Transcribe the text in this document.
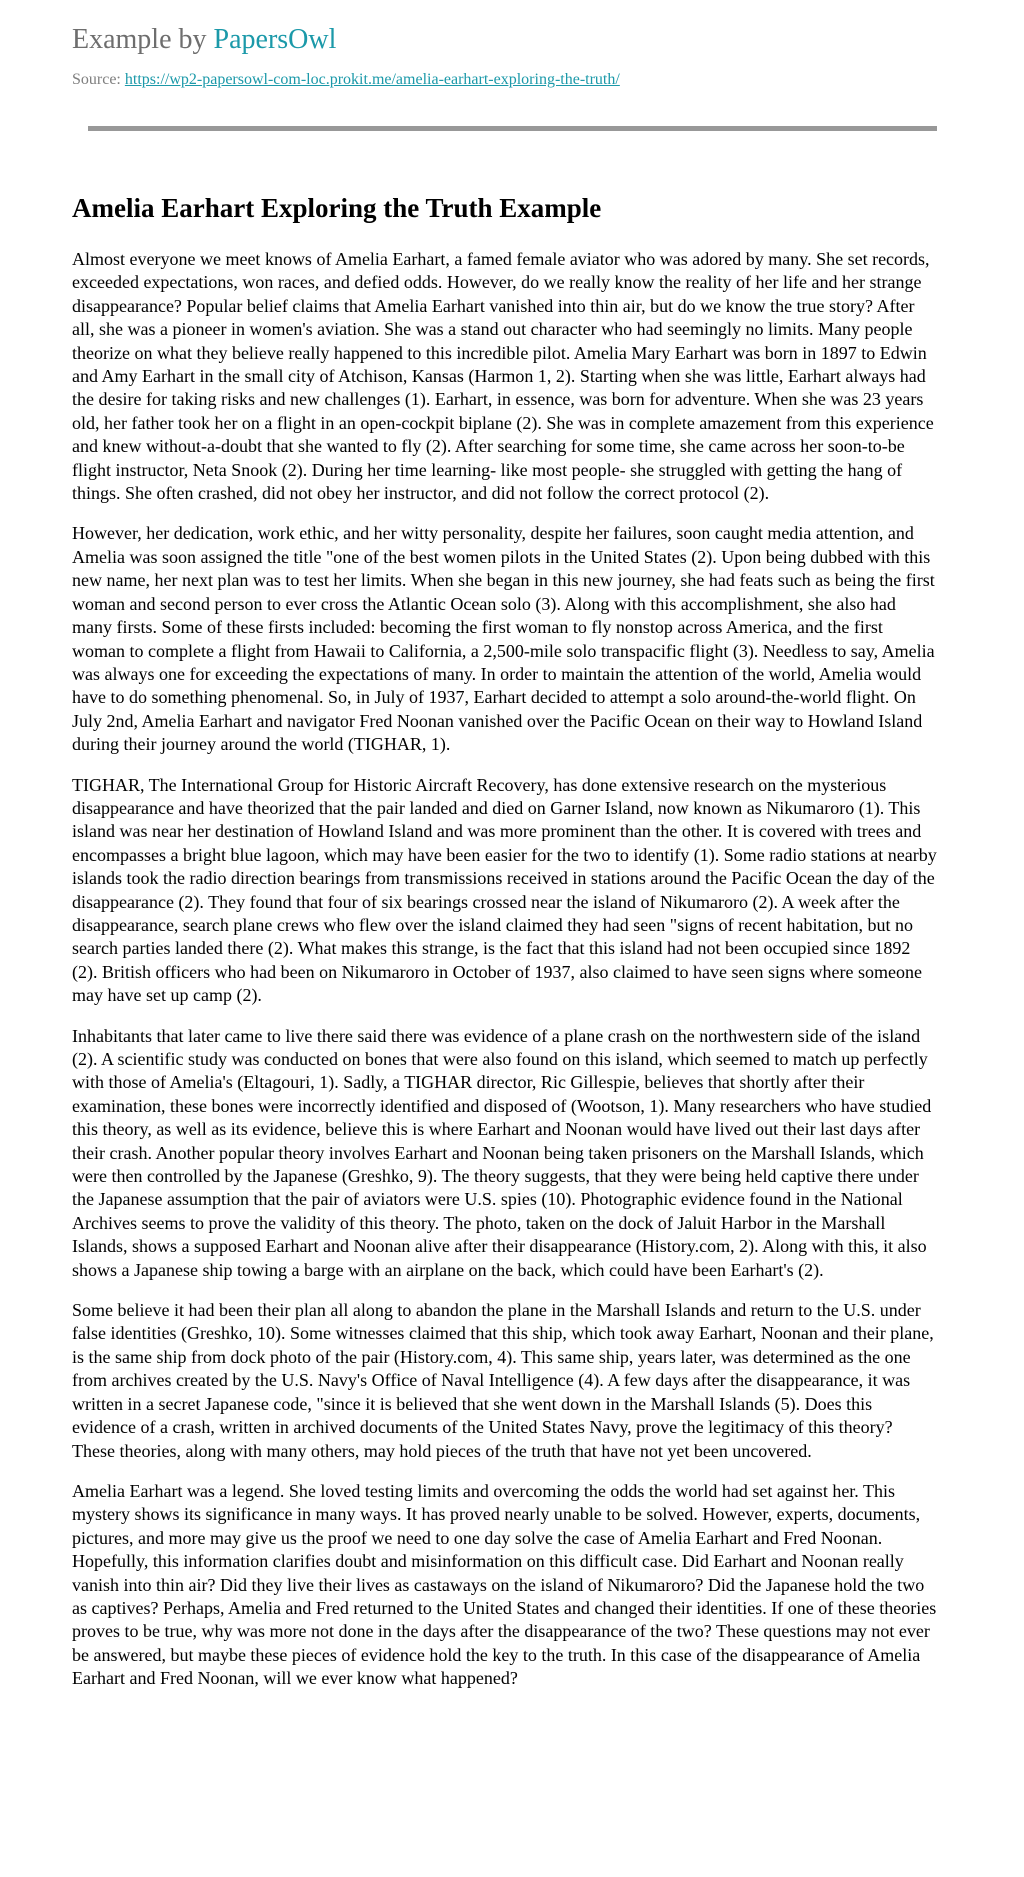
Example by PapersOwl
Source: https://wp2-papersowl-com-loc.prokit.me/amelia-earhart-exploring-the-truth/
Amelia Earhart Exploring the Truth Example

Almost everyone we meet knows of Amelia Earhart, a famed female aviator who was adored by many. She set records, exceeded expectations, won races, and defied odds. However, do we really know the reality of her life and her strange disappearance? Popular belief claims that Amelia Earhart vanished into thin air, but do we know the true story? After all, she was a pioneer in women's aviation. She was a stand out character who had seemingly no limits. Many people theorize on what they believe really happened to this incredible pilot. Amelia Mary Earhart was born in 1897 to Edwin and Amy Earhart in the small city of Atchison, Kansas (Harmon 1, 2). Starting when she was little, Earhart always had the desire for taking risks and new challenges (1). Earhart, in essence, was born for adventure. When she was 23 years old, her father took her on a flight in an open-cockpit biplane (2). She was in complete amazement from this experience and knew without-a-doubt that she wanted to fly (2). After searching for some time, she came across her soon-to-be flight instructor, Neta Snook (2). During her time learning- like most people- she struggled with getting the hang of things. She often crashed, did not obey her instructor, and did not follow the correct protocol (2).

However, her dedication, work ethic, and her witty personality, despite her failures, soon caught media attention, and Amelia was soon assigned the title "one of the best women pilots in the United States (2). Upon being dubbed with this new name, her next plan was to test her limits. When she began in this new journey, she had feats such as being the first woman and second person to ever cross the Atlantic Ocean solo (3). Along with this accomplishment, she also had many firsts. Some of these firsts included: becoming the first woman to fly nonstop across America, and the first woman to complete a flight from Hawaii to California, a 2,500-mile solo transpacific flight (3). Needless to say, Amelia was always one for exceeding the expectations of many. In order to maintain the attention of the world, Amelia would have to do something phenomenal. So, in July of 1937, Earhart decided to attempt a solo around-the-world flight. On July 2nd, Amelia Earhart and navigator Fred Noonan vanished over the Pacific Ocean on their way to Howland Island during their journey around the world (TIGHAR, 1).

TIGHAR, The International Group for Historic Aircraft Recovery, has done extensive research on the mysterious disappearance and have theorized that the pair landed and died on Garner Island, now known as Nikumaroro (1). This island was near her destination of Howland Island and was more prominent than the other. It is covered with trees and encompasses a bright blue lagoon, which may have been easier for the two to identify (1). Some radio stations at nearby islands took the radio direction bearings from transmissions received in stations around the Pacific Ocean the day of the disappearance (2). They found that four of six bearings crossed near the island of Nikumaroro (2). A week after the disappearance, search plane crews who flew over the island claimed they had seen "signs of recent habitation, but no search parties landed there (2). What makes this strange, is the fact that this island had not been occupied since 1892 (2). British officers who had been on Nikumaroro in October of 1937, also claimed to have seen signs where someone may have set up camp (2).

Inhabitants that later came to live there said there was evidence of a plane crash on the northwestern side of the island (2). A scientific study was conducted on bones that were also found on this island, which seemed to match up perfectly with those of Amelia's (Eltagouri, 1). Sadly, a TIGHAR director, Ric Gillespie, believes that shortly after their examination, these bones were incorrectly identified and disposed of (Wootson, 1). Many researchers who have studied this theory, as well as its evidence, believe this is where Earhart and Noonan would have lived out their last days after their crash. Another popular theory involves Earhart and Noonan being taken prisoners on the Marshall Islands, which were then controlled by the Japanese (Greshko, 9). The theory suggests, that they were being held captive there under the Japanese assumption that the pair of aviators were U.S. spies (10). Photographic evidence found in the National Archives seems to prove the validity of this theory. The photo, taken on the dock of Jaluit Harbor in the Marshall Islands, shows a supposed Earhart and Noonan alive after their disappearance (History.com, 2). Along with this, it also shows a Japanese ship towing a barge with an airplane on the back, which could have been Earhart's (2).

Some believe it had been their plan all along to abandon the plane in the Marshall Islands and return to the U.S. under false identities (Greshko, 10). Some witnesses claimed that this ship, which took away Earhart, Noonan and their plane, is the same ship from dock photo of the pair (History.com, 4). This same ship, years later, was determined as the one from archives created by the U.S. Navy's Office of Naval Intelligence (4). A few days after the disappearance, it was written in a secret Japanese code, "since it is believed that she went down in the Marshall Islands (5). Does this evidence of a crash, written in archived documents of the United States Navy, prove the legitimacy of this theory? These theories, along with many others, may hold pieces of the truth that have not yet been uncovered.

Amelia Earhart was a legend. She loved testing limits and overcoming the odds the world had set against her. This mystery shows its significance in many ways. It has proved nearly unable to be solved. However, experts, documents, pictures, and more may give us the proof we need to one day solve the case of Amelia Earhart and Fred Noonan. Hopefully, this information clarifies doubt and misinformation on this difficult case. Did Earhart and Noonan really vanish into thin air? Did they live their lives as castaways on the island of Nikumaroro? Did the Japanese hold the two as captives? Perhaps, Amelia and Fred returned to the United States and changed their identities. If one of these theories proves to be true, why was more not done in the days after the disappearance of the two? These questions may not ever be answered, but maybe these pieces of evidence hold the key to the truth. In this case of the disappearance of Amelia Earhart and Fred Noonan, will we ever know what happened?
